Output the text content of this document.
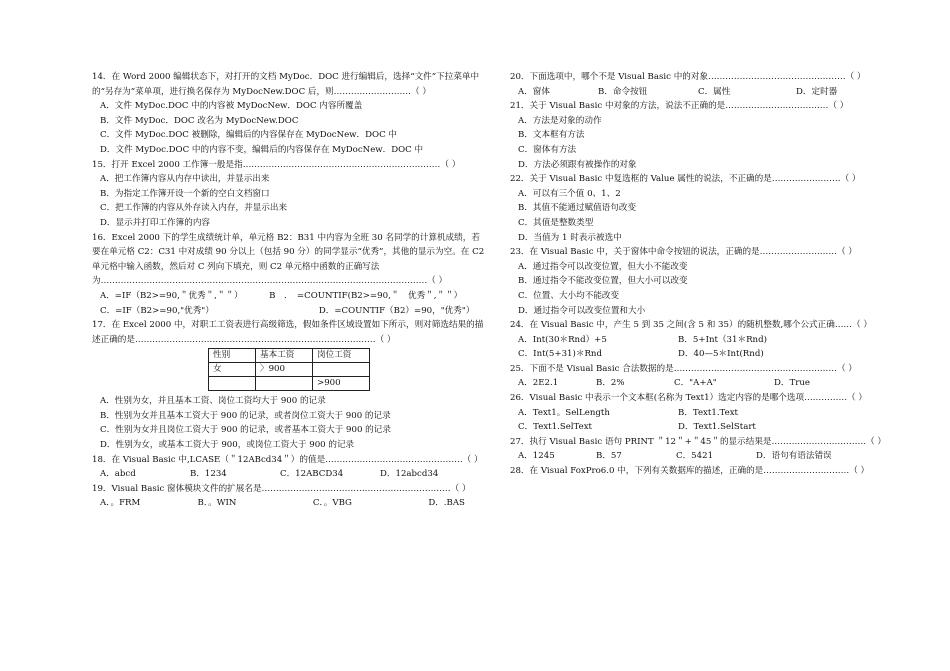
14．在 Word 2000 编辑状态下，对打开的文档 MyDoc．DOC 进行编辑后，选择“文件”下拉菜单中的“另存为”菜单项，进行换名保存为 MyDocNew.DOC 后，则………………………（ ）
A．文件 MyDoc.DOC 中的内容被 MyDocNew．DOC 内容所覆盖
B．文件 MyDoc．DOC 改名为 MyDocNew.DOC
C．文件 MyDoc.DOC 被删除，编辑后的内容保存在 MyDocNew．DOC 中
D．文件 MyDoc.DOC 中的内容不变，编辑后的内容保存在 MyDocNew．DOC 中
15．打开 Excel 2000 工作簿一般是指……………………………………………………………（ ）
A．把工作簿内容从内存中读出，并显示出来
B．为指定工作簿开设一个新的空白文档窗口
C．把工作簿的内容从外存读入内存，并显示出来
D．显示并打印工作簿的内容
16．Excel 2000 下的学生成绩统计单，单元格 B2：B31 中内容为全班 30 名同学的计算机成绩，若要在单元格 C2：C31 中对成绩 90 分以上（包括 90 分）的同学显示“优秀”，其他的显示为空。在 C2 单元格中输入函数，然后对 C 列向下填充，则 C2 单元格中函数的正确写法为……………………………………………………………………………………………………（ ）
A．=IF（B2>=90,＂优秀＂,＂＂）	B　．　=COUNTIF(B2>=90,＂　优秀＂,＂＂）
C．=IF（B2>=90,"优秀"）	D．=COUNTIF（B2）=90，"优秀"）
17．在 Excel 2000 中，对职工工资表进行高级筛选，假如条件区域设置如下所示，则对筛选结果的描述正确的是…………………………………………………………………………（ ）
性别	基本工资	岗位工资
女	〉900	
		>900
A．性别为女，并且基本工资、岗位工资均大于 900 的记录
B．性别为女并且基本工资大于 900 的记录，或者岗位工资大于 900 的记录
C．性别为女并且岗位工资大于 900 的记录，或者基本工资大于 900 的记录
D．性别为女，或基本工资大于 900，或岗位工资大于 900 的记录
18．在 Visual Basic 中,LCASE（＂12ABcd34＂）的值是…………………………………………（ ）
A．abcd	B．1234	C．12ABCD34	D．12abcd34
19．Visual Basic 窗体模块文件的扩展名是…………………………………………………………（ ）
A．。FRM	B．。WIN	C．。VBG	D．.BAS
20．下面选项中，哪个不是 Visual Basic 中的对象…………………………………………（ ）
A．窗体	B．命令按钮	C．属性	D．定时器
21．关于 Visual Basic 中对象的方法，说法不正确的是………………………………（ ）
A．方法是对象的动作
B．文本框有方法
C．窗体有方法
D．方法必须跟有被操作的对象
22．关于 Visual Basic 中复选框的 Value 属性的说法，不正确的是……………………（ ）
A．可以有三个值 0、1、2
B．其值不能通过赋值语句改变
C．其值是整数类型
D．当值为 1 时表示被选中
23．在 Visual Basic 中，关于窗体中命令按钮的说法，正确的是………………………（ ）
A．通过指令可以改变位置，但大小不能改变
B．通过指令不能改变位置，但大小可以改变
C．位置、大小均不能改变
D．通过指令可以改变位置和大小
24．在 Visual Basic 中，产生 5 到 35 之间(含 5 和 35）的随机整数,哪个公式正确……（ ）
A．Int(30＊Rnd）+5	B．5+Int（31＊Rnd)
C．Int(5+31)＊Rnd	D．40—5＊Int(Rnd)
25．下面不是 Visual Basic 合法数据的是…………………………………………………（ ）
A．2E2.1	B．2%	C．"A+A"	D．True
26．Visual Basic 中表示一个文本框(名称为 Text1）选定内容的是哪个选项……………（ ）
A．Text1。SelLength	B．Text1.Text
C．Text1.SelText	D．Text1.SelStart
27．执行 Visual Basic 语句 PRINT ＂12＂+＂45＂的显示结果是……………………………（ ）
A．1245	B．57	C．5421	D．语句有语法错误
28．在 Visual FoxPro6.0 中，下列有关数据库的描述，正确的是…………………………（ ）
